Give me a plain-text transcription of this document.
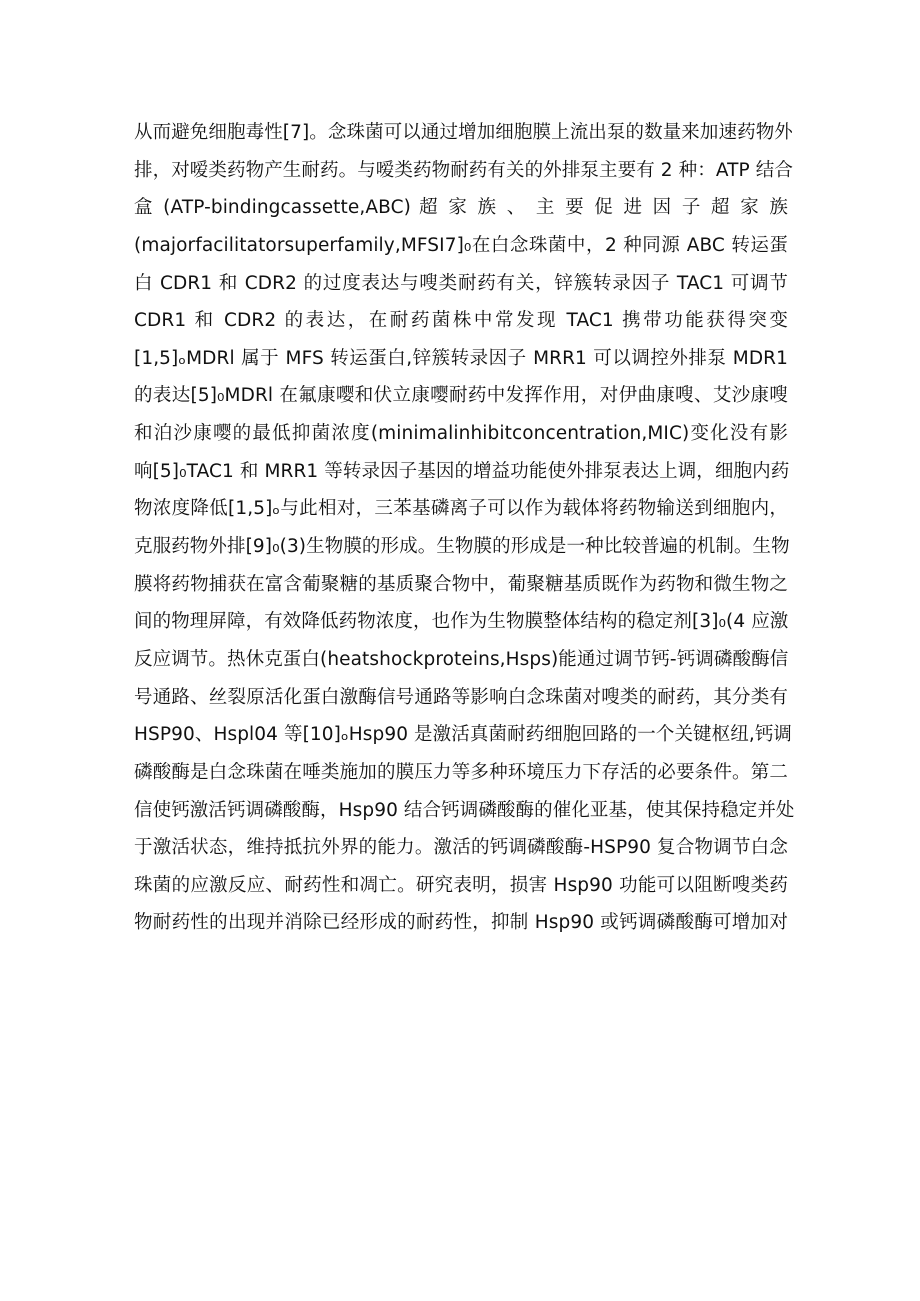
从而避免细胞毒性[7]。念珠菌可以通过增加细胞膜上流出泵的数量来加速药物外
排，对嗳类药物产生耐药。与嗳类药物耐药有关的外排泵主要有 2 种：ATP 结合
盒 (ATP-bindingcassette,ABC) 超 家 族 、 主 要 促 进 因 子 超 家 族
(majorfacilitatorsuperfamily,MFSI7]₀在白念珠菌中，2 种同源 ABC 转运蛋
白 CDR1 和 CDR2 的过度表达与嗖类耐药有关，锌簇转录因子 TAC1 可调节
CDR1 和 CDR2 的表达，在耐药菌株中常发现 TAC1 携带功能获得突变
[1,5]ₒMDRl 属于 MFS 转运蛋白,锌簇转录因子 MRR1 可以调控外排泵 MDR1
的表达[5]₀MDRl 在氟康嘤和伏立康嘤耐药中发挥作用，对伊曲康嗖、艾沙康嗖
和泊沙康嘤的最低抑菌浓度(minimalinhibitconcentration,MIC)变化没有影
响[5]₀TAC1 和 MRR1 等转录因子基因的增益功能使外排泵表达上调，细胞内药
物浓度降低[1,5]ₒ与此相对，三苯基磷离子可以作为载体将药物输送到细胞内，
克服药物外排[9]₀(3)生物膜的形成。生物膜的形成是一种比较普遍的机制。生物
膜将药物捕获在富含葡聚糖的基质聚合物中，葡聚糖基质既作为药物和微生物之
间的物理屏障，有效降低药物浓度，也作为生物膜整体结构的稳定剂[3]₀(4 应激
反应调节。热休克蛋白(heatshockproteins,Hsps)能通过调节钙-钙调磷酸酶信
号通路、丝裂原活化蛋白激酶信号通路等影响白念珠菌对嗖类的耐药，其分类有
HSP90、Hspl04 等[10]ₒHsp90 是激活真菌耐药细胞回路的一个关键枢纽,钙调
磷酸酶是白念珠菌在唾类施加的膜压力等多种环境压力下存活的必要条件。第二
信使钙激活钙调磷酸酶，Hsp90 结合钙调磷酸酶的催化亚基，使其保持稳定并处
于激活状态，维持抵抗外界的能力。激活的钙调磷酸酶-HSP90 复合物调节白念
珠菌的应激反应、耐药性和凋亡。研究表明，损害 Hsp90 功能可以阻断嗖类药
物耐药性的出现并消除已经形成的耐药性，抑制 Hsp90 或钙调磷酸酶可增加对
